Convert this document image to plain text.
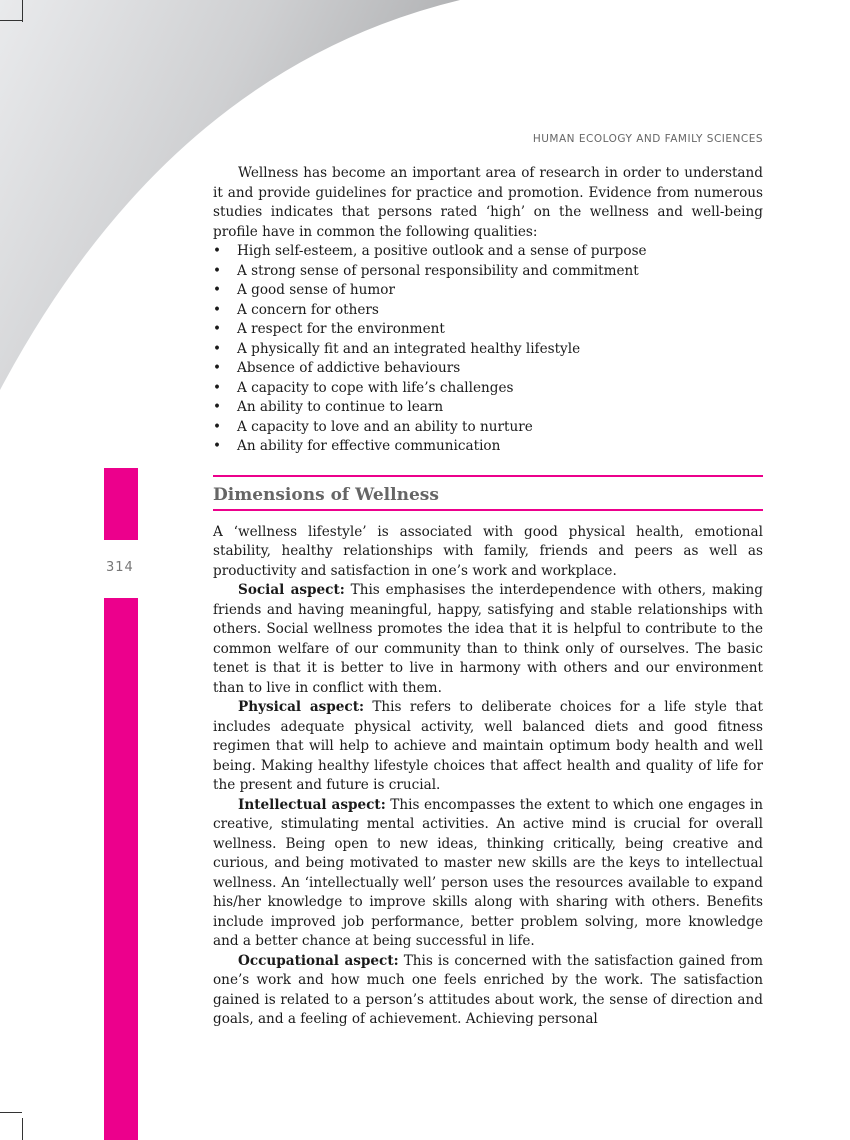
314
HUMAN ECOLOGY AND FAMILY SCIENCES

Wellness has become an important area of research in order to understand it and provide guidelines for practice and promotion. Evidence from numerous studies indicates that persons rated ‘high’ on the wellness and well-being profile have in common the following qualities:

• High self-esteem, a positive outlook and a sense of purpose
• A strong sense of personal responsibility and commitment
• A good sense of humor
• A concern for others
• A respect for the environment
• A physically fit and an integrated healthy lifestyle
• Absence of addictive behaviours
• A capacity to cope with life’s challenges
• An ability to continue to learn
• A capacity to love and an ability to nurture
• An ability for effective communication
Dimensions of Wellness

A ‘wellness lifestyle’ is associated with good physical health, emotional stability, healthy relationships with family, friends and peers as well as productivity and satisfaction in one’s work and workplace.

Social aspect: This emphasises the interdependence with others, making friends and having meaningful, happy, satisfying and stable relationships with others. Social wellness promotes the idea that it is helpful to contribute to the common welfare of our community than to think only of ourselves. The basic tenet is that it is better to live in harmony with others and our environment than to live in conflict with them.

Physical aspect: This refers to deliberate choices for a life style that includes adequate physical activity, well balanced diets and good fitness regimen that will help to achieve and maintain optimum body health and well being. Making healthy lifestyle choices that affect health and quality of life for the present and future is crucial.

Intellectual aspect: This encompasses the extent to which one engages in creative, stimulating mental activities. An active mind is crucial for overall wellness. Being open to new ideas, thinking critically, being creative and curious, and being motivated to master new skills are the keys to intellectual wellness. An ‘intellectually well’ person uses the resources available to expand his/her knowledge to improve skills along with sharing with others. Benefits include improved job performance, better problem solving, more knowledge and a better chance at being successful in life.

Occupational aspect: This is concerned with the satisfaction gained from one’s work and how much one feels enriched by the work. The satisfaction gained is related to a person’s attitudes about work, the sense of direction and goals, and a feeling of achievement. Achieving personal
